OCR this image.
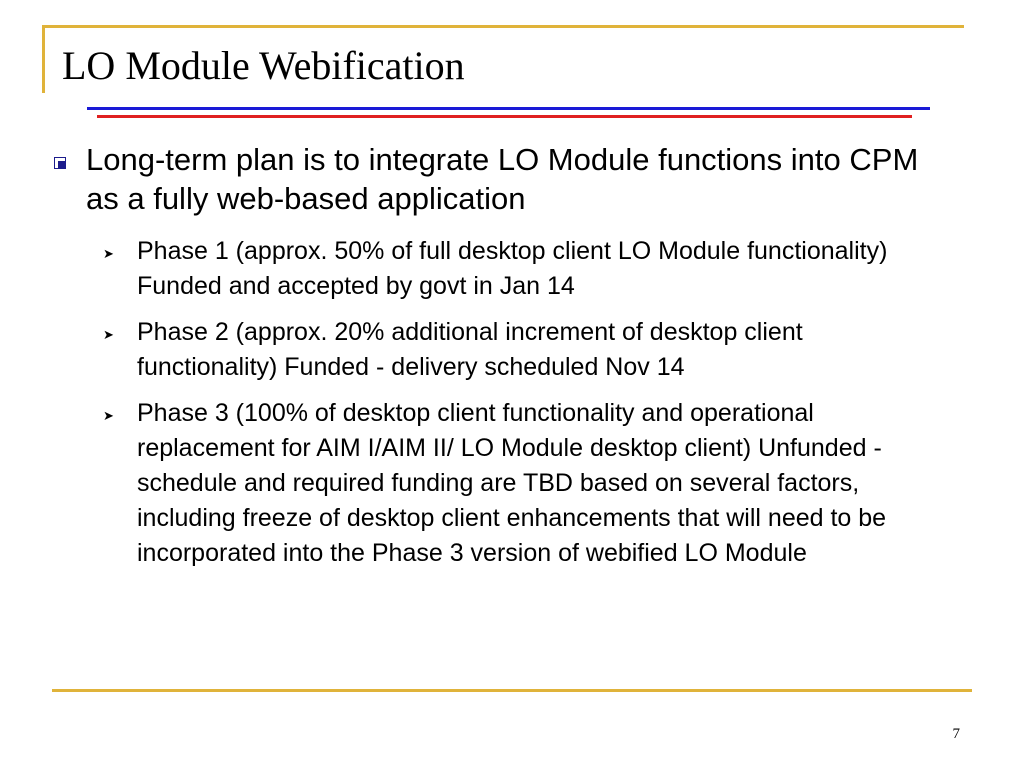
LO Module Webification

Long-term plan is to integrate LO Module functions into CPM as a fully web-based application

➤ Phase 1 (approx. 50% of full desktop client LO Module functionality) Funded and accepted by govt in Jan 14

➤ Phase 2 (approx. 20% additional increment of desktop client functionality) Funded - delivery scheduled Nov 14

➤ Phase 3 (100% of desktop client functionality and operational replacement for AIM I/AIM II/ LO Module desktop client) Unfunded - schedule and required funding are TBD based on several factors, including freeze of desktop client enhancements that will need to be incorporated into the Phase 3 version of webified LO Module

7
